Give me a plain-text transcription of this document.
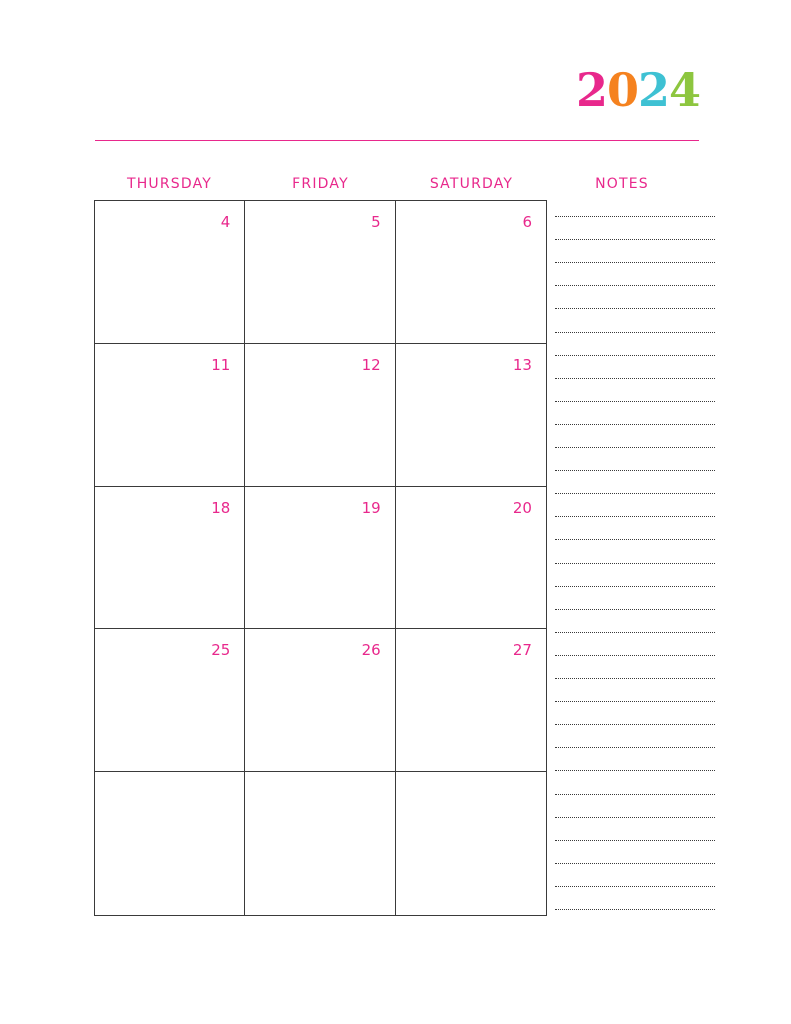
2024
THURSDAY	FRIDAY	SATURDAY	NOTES
4	5	6
11	12	13
18	19	20
25	26	27
